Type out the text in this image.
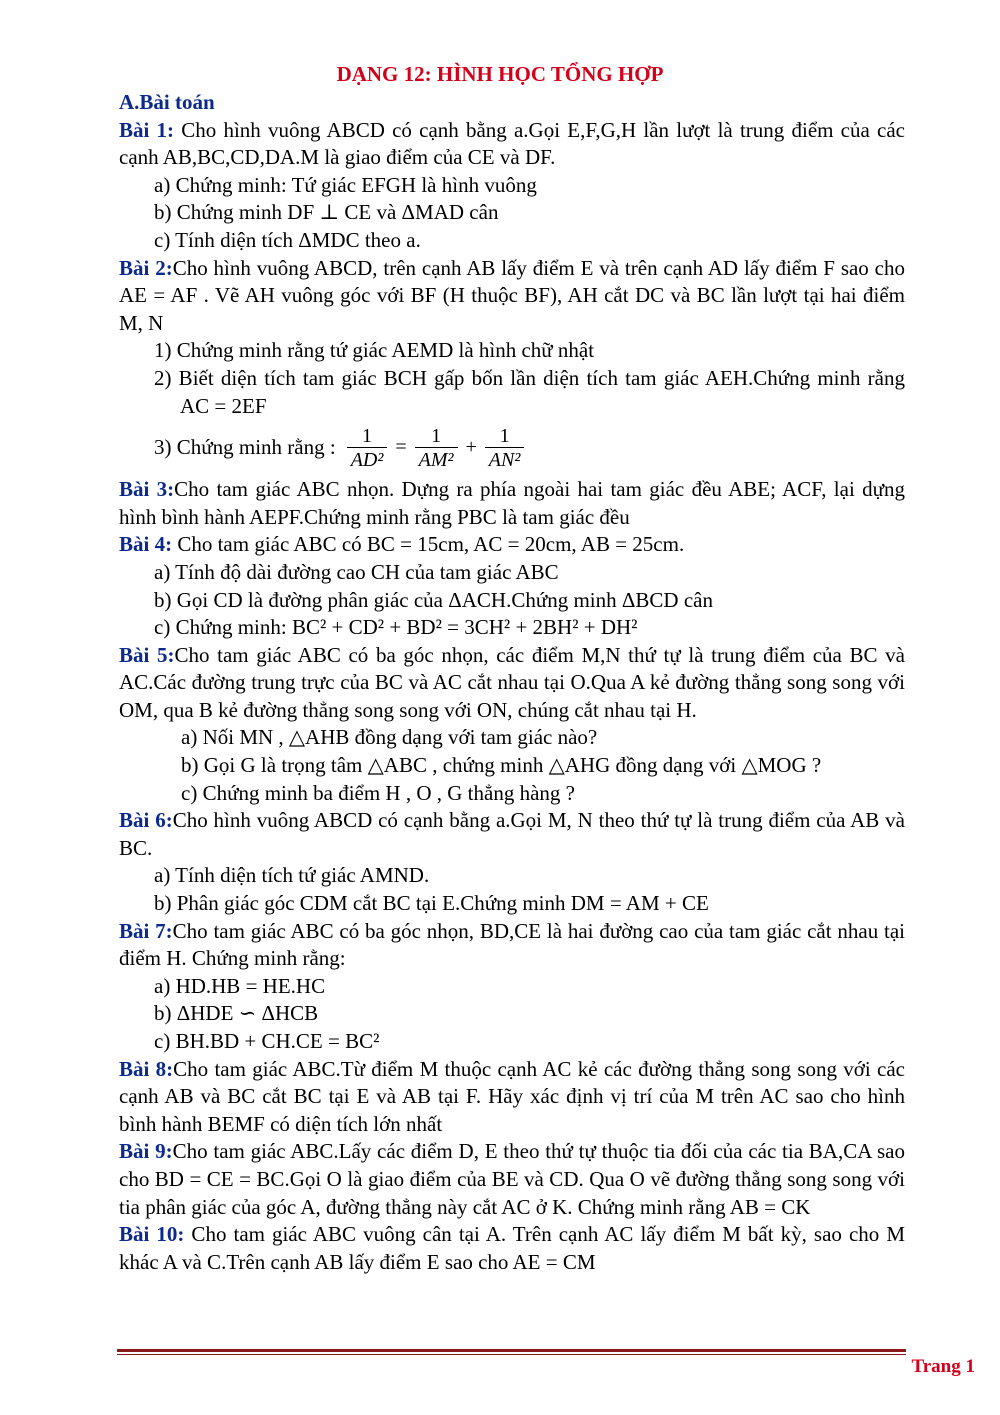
DẠNG 12: HÌNH HỌC TỔNG HỢP

A.Bài toán

Bài 1: Cho hình vuông ABCD có cạnh bằng a.Gọi E,F,G,H lần lượt là trung điểm của các cạnh AB,BC,CD,DA.M là giao điểm của CE và DF.

a) Chứng minh: Tứ giác EFGH là hình vuông

b) Chứng minh DF ⊥ CE và ΔMAD cân

c) Tính diện tích ΔMDC theo a.

Bài 2:Cho hình vuông ABCD, trên cạnh AB lấy điểm E và trên cạnh AD lấy điểm F sao cho AE = AF . Vẽ AH vuông góc với BF (H thuộc BF), AH cắt DC và BC lần lượt tại hai điểm M, N

1) Chứng minh rằng tứ giác AEMD là hình chữ nhật

2) Biết diện tích tam giác BCH gấp bốn lần diện tích tam giác AEH.Chứng minh rằng AC = 2EF

3) Chứng minh rằng : $\frac{1}{\text{AD²}} = \frac{1}{\text{AM²}} + \frac{1}{\text{AN²}}$

Bài 3:Cho tam giác ABC nhọn. Dựng ra phía ngoài hai tam giác đều ABE; ACF, lại dựng hình bình hành AEPF.Chứng minh rằng PBC là tam giác đều

Bài 4: Cho tam giác ABC có BC = 15cm, AC = 20cm, AB = 25cm.

a) Tính độ dài đường cao CH của tam giác ABC

b) Gọi CD là đường phân giác của ΔACH.Chứng minh ΔBCD cân

c) Chứng minh: BC² + CD² + BD² = 3CH² + 2BH² + DH²

Bài 5:Cho tam giác ABC có ba góc nhọn, các điểm M,N thứ tự là trung điểm của BC và AC.Các đường trung trực của BC và AC cắt nhau tại O.Qua A kẻ đường thẳng song song với OM, qua B kẻ đường thẳng song song với ON, chúng cắt nhau tại H.

a) Nối MN , △AHB đồng dạng với tam giác nào?

b) Gọi G là trọng tâm △ABC , chứng minh △AHG đồng dạng với △MOG ?

c) Chứng minh ba điểm H , O , G thẳng hàng ?

Bài 6:Cho hình vuông ABCD có cạnh bằng a.Gọi M, N theo thứ tự là trung điểm của AB và BC.

a) Tính diện tích tứ giác AMND.

b) Phân giác góc CDM cắt BC tại E.Chứng minh DM = AM + CE

Bài 7:Cho tam giác ABC có ba góc nhọn, BD,CE là hai đường cao của tam giác cắt nhau tại điểm H. Chứng minh rằng:

a) HD.HB = HE.HC

b) ΔHDE ∽ ΔHCB

c) BH.BD + CH.CE = BC²

Bài 8:Cho tam giác ABC.Từ điểm M thuộc cạnh AC kẻ các đường thẳng song song với các cạnh AB và BC cắt BC tại E và AB tại F. Hãy xác định vị trí của M trên AC sao cho hình bình hành BEMF có diện tích lớn nhất

Bài 9:Cho tam giác ABC.Lấy các điểm D, E theo thứ tự thuộc tia đối của các tia BA,CA sao cho BD = CE = BC.Gọi O là giao điểm của BE và CD. Qua O vẽ đường thẳng song song với tia phân giác của góc A, đường thẳng này cắt AC ở K. Chứng minh rằng AB = CK

Bài 10: Cho tam giác ABC vuông cân tại A. Trên cạnh AC lấy điểm M bất kỳ, sao cho M khác A và C.Trên cạnh AB lấy điểm E sao cho AE = CM

Trang 1
